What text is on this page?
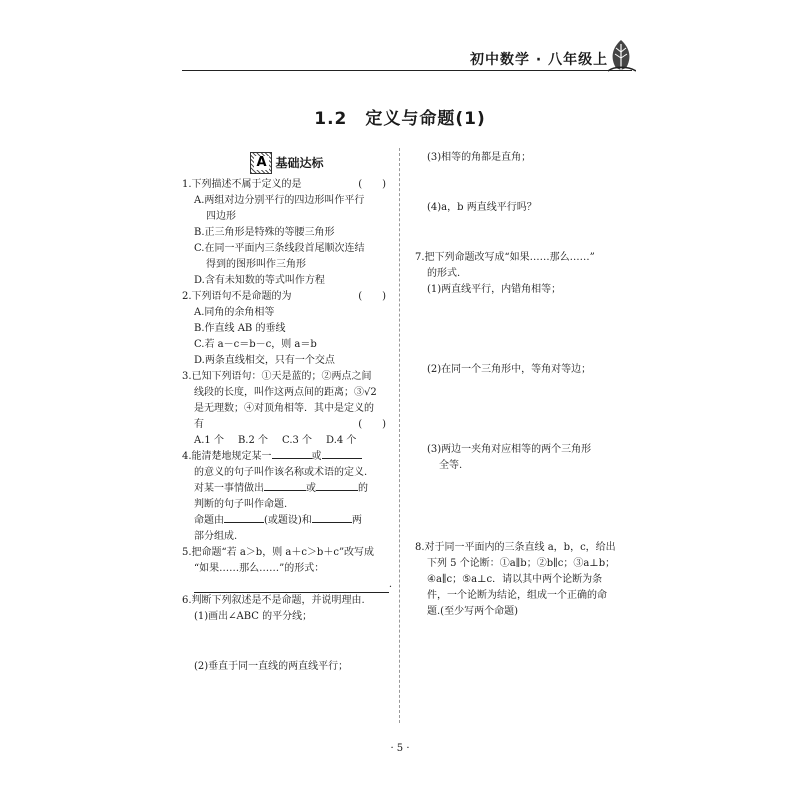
初中数学 · 八年级上
1.2　定义与命题(1)
A 基础达标
1.下列描述不属于定义的是	(　　)
A.两组对边分别平行的四边形叫作平行
四边形
B.正三角形是特殊的等腰三角形
C.在同一平面内三条线段首尾顺次连结
得到的图形叫作三角形
D.含有未知数的等式叫作方程
2.下列语句不是命题的为	(　　)
A.同角的余角相等
B.作直线 AB 的垂线
C.若 a－c＝b－c，则 a＝b
D.两条直线相交，只有一个交点
3.已知下列语句：①天是蓝的；②两点之间
线段的长度，叫作这两点间的距离；③√2
是无理数；④对顶角相等．其中是定义的
有	(　　)
A.1 个 B.2 个 C.3 个 D.4 个
4.能清楚地规定某一	或
的意义的句子叫作该名称或术语的定义.
对某一事情做出	或	的
判断的句子叫作命题.
命题由	(或题设)和	两
部分组成.
5.把命题“若 a＞b，则 a＋c＞b＋c”改写成
“如果……那么……”的形式：
.
6.判断下列叙述是不是命题，并说明理由.
(1)画出∠ABC 的平分线；
(2)垂直于同一直线的两直线平行；
(3)相等的角都是直角；
(4)a，b 两直线平行吗？
7.把下列命题改写成“如果……那么……”
的形式.
(1)两直线平行，内错角相等；
(2)在同一个三角形中，等角对等边；
(3)两边一夹角对应相等的两个三角形
全等.
8.对于同一平面内的三条直线 a，b，c，给出
下列 5 个论断：①a∥b；②b∥c；③a⊥b；
④a∥c；⑤a⊥c．请以其中两个论断为条
件，一个论断为结论，组成一个正确的命
题.(至少写两个命题)
· 5 ·
